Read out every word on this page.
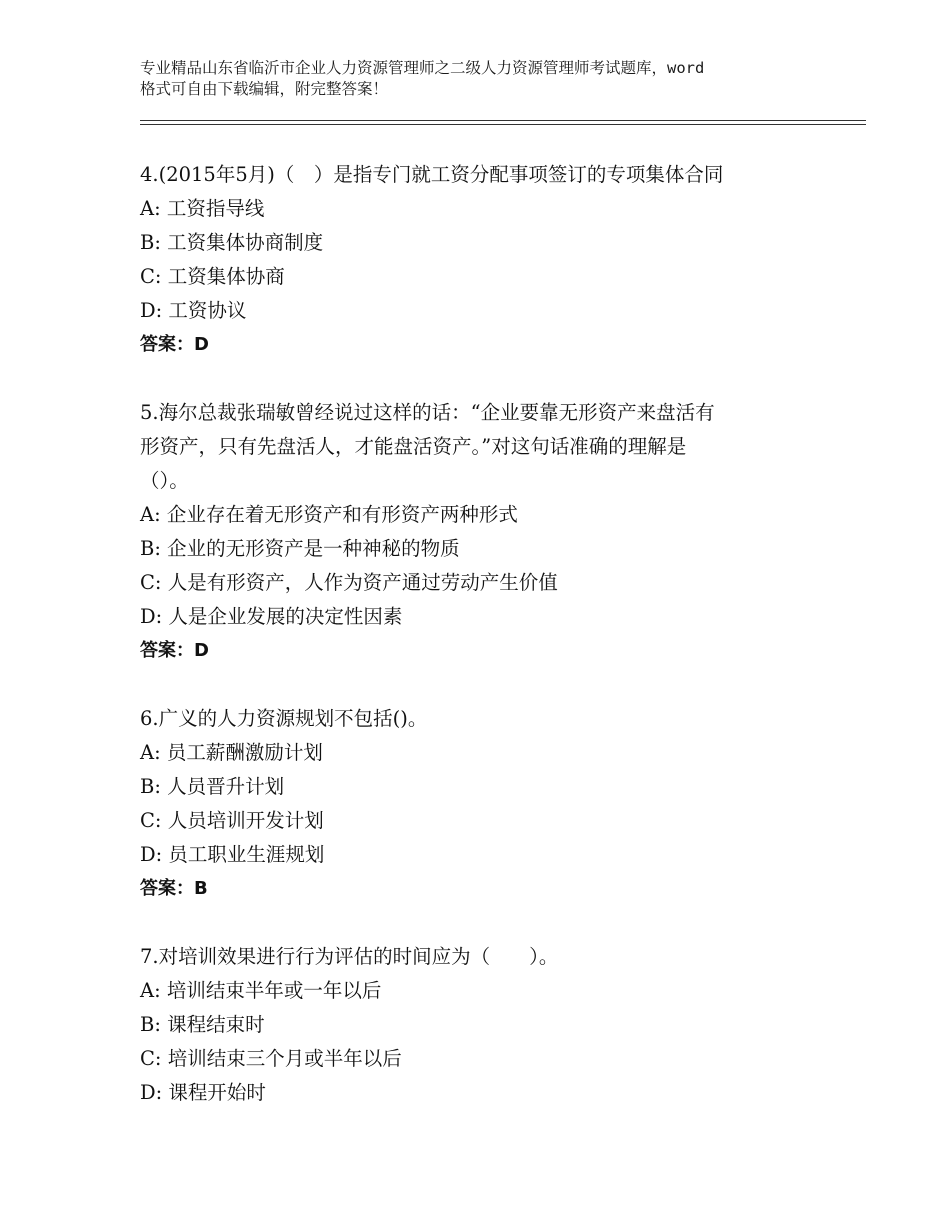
专业精品山东省临沂市企业人力资源管理师之二级人力资源管理师考试题库，word
格式可自由下载编辑，附完整答案！
4.(2015年5月)（　）是指专门就工资分配事项签订的专项集体合同
A: 工资指导线
B: 工资集体协商制度
C: 工资集体协商
D: 工资协议
答案：D
5.海尔总裁张瑞敏曾经说过这样的话：“企业要靠无形资产来盘活有
形资产，只有先盘活人，才能盘活资产。”对这句话准确的理解是
（）。
A: 企业存在着无形资产和有形资产两种形式
B: 企业的无形资产是一种神秘的物质
C: 人是有形资产，人作为资产通过劳动产生价值
D: 人是企业发展的决定性因素
答案：D
6.广义的人力资源规划不包括()。
A: 员工薪酬激励计划
B: 人员晋升计划
C: 人员培训开发计划
D: 员工职业生涯规划
答案：B
7.对培训效果进行行为评估的时间应为（　　）。
A: 培训结束半年或一年以后
B: 课程结束时
C: 培训结束三个月或半年以后
D: 课程开始时
